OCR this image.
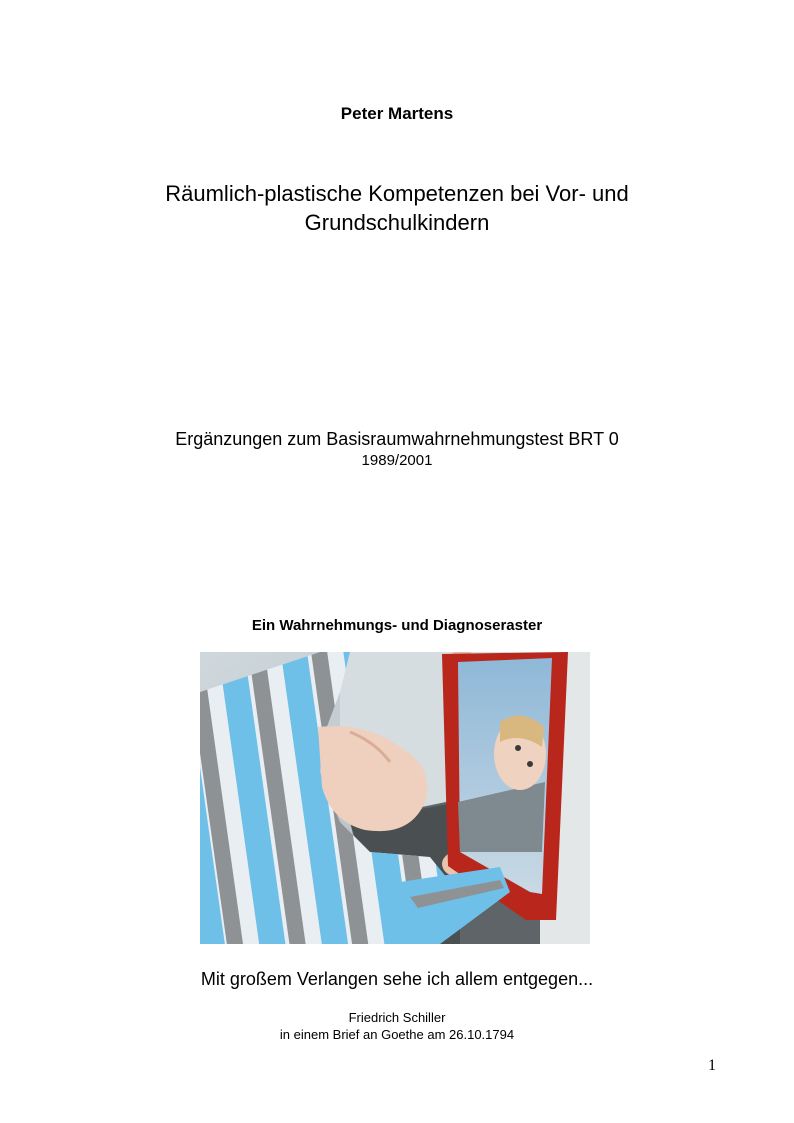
Peter Martens
Räumlich-plastische Kompetenzen bei Vor- und
Grundschulkindern
Ergänzungen zum Basisraumwahrnehmungstest BRT 0
1989/2001
Ein Wahrnehmungs- und Diagnoseraster
Mit großem Verlangen sehe ich allem entgegen...
Friedrich Schiller
in einem Brief an Goethe am 26.10.1794
1
